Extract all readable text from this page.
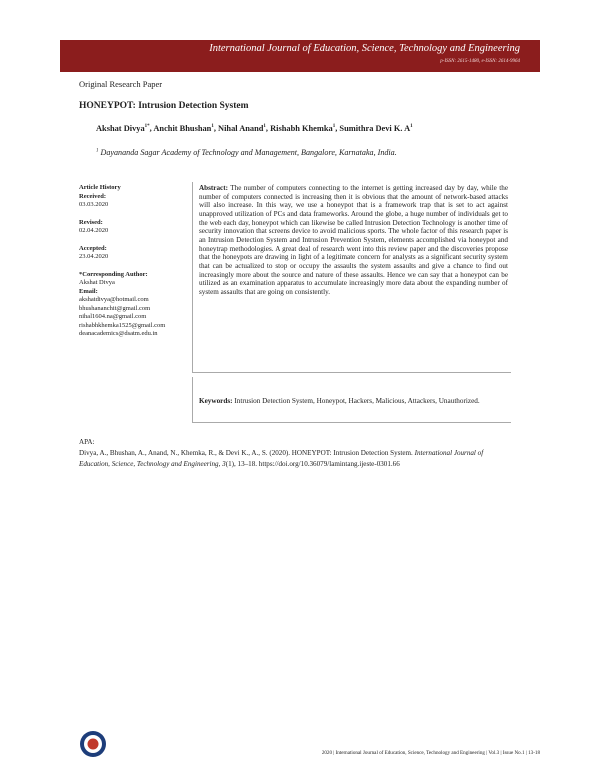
International Journal of Education, Science, Technology and Engineering
p-ISSN: 2615-1480, e-ISSN: 2614-9964
Original Research Paper
HONEYPOT: Intrusion Detection System
Akshat Divya$^{1*}$, Anchit Bhushan$^1$, Nihal Anand$^1$, Rishabh Khemka$^1$, Sumithra Devi K. $A^1$
$^1$ Dayananda Sagar Academy of Technology and Management, Bangalore, Karnataka, India.
Article History
Received:
03.03.2020
Revised:
02.04.2020
Accepted:
23.04.2020
*Corresponding Author:
Akshat Divya
Email:
akshatdivya@hotmail.com
bhushananchit@gmail.com
nihal1604.na@gmail.com
rishabhkhemka1525@gmail.com
deanacademics@dsatm.edu.in
Abstract: The number of computers connecting to the internet is getting increased day by day, while the number of computers connected is increasing then it is obvious that the amount of network-based attacks will also increase. In this way, we use a honeypot that is a framework trap that is set to act against unapproved utilization of PCs and data frameworks. Around the globe, a huge number of individuals get to the web each day, honeypot which can likewise be called Intrusion Detection Technology is another time of security innovation that screens device to avoid malicious sports. The whole factor of this research paper is an Intrusion Detection System and Intrusion Prevention System, elements accomplished via honeypot and honeytrap methodologies. A great deal of research went into this review paper and the discoveries propose that the honeypots are drawing in light of a legitimate concern for analysts as a significant security system that can be actualized to stop or occupy the assaults the system assaults and give a chance to find out increasingly more about the source and nature of these assaults. Hence we can say that a honeypot can be utilized as an examination apparatus to accumulate increasingly more data about the expanding number of system assaults that are going on consistently.
Keywords: Intrusion Detection System, Honeypot, Hackers, Malicious, Attackers, Unauthorized.
APA:
Divya, A., Bhushan, A., Anand, N., Khemka, R., & Devi K., A., S. (2020). HONEYPOT: Intrusion Detection System. International Journal of Education, Science, Technology and Engineering, 3(1), 13–18. https://doi.org/10.36079/lamintang.ijeste-0301.66
2020 | International Journal of Education, Science, Technology and Engineering | Vol.3 | Issue No.1 | 13-18
